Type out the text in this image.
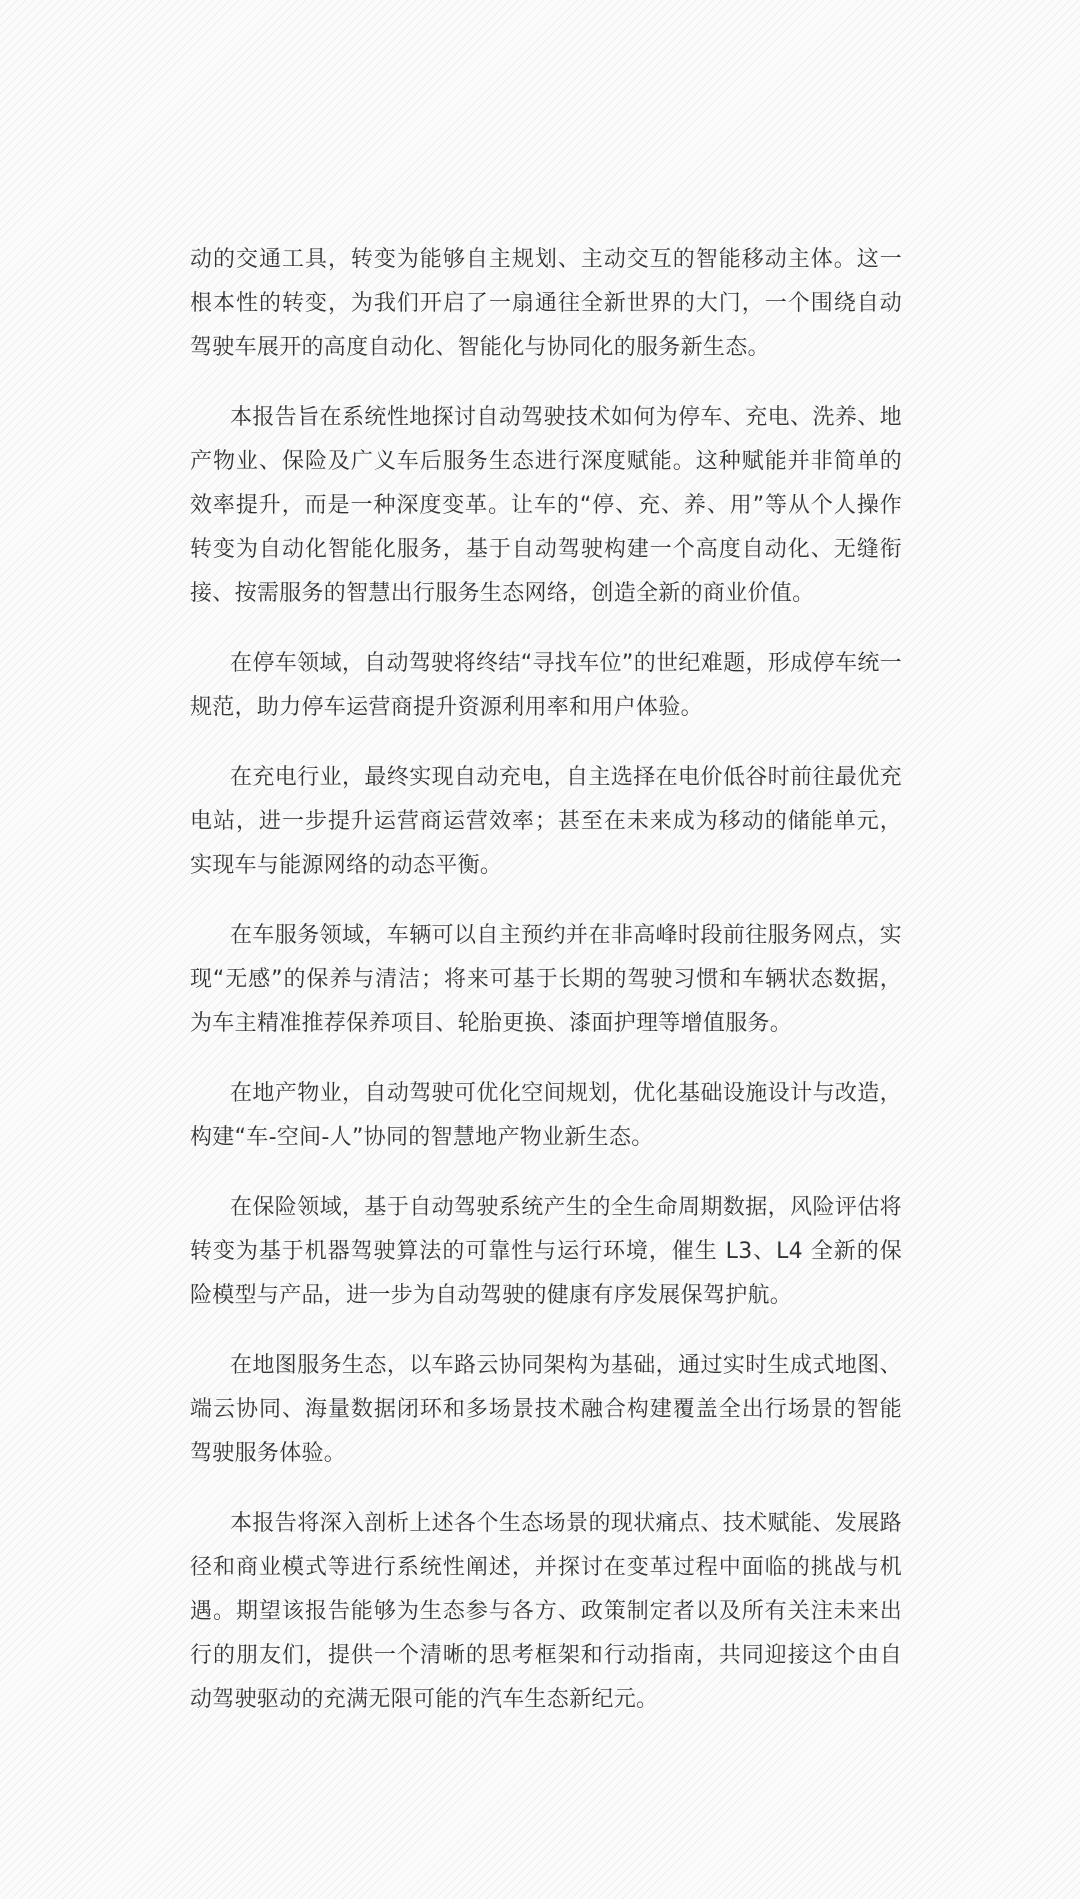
动的交通工具，转变为能够自主规划、主动交互的智能移动主体。这一根本性的转变，为我们开启了一扇通往全新世界的大门，一个围绕自动驾驶车展开的高度自动化、智能化与协同化的服务新生态。

本报告旨在系统性地探讨自动驾驶技术如何为停车、充电、洗养、地产物业、保险及广义车后服务生态进行深度赋能。这种赋能并非简单的效率提升，而是一种深度变革。让车的“停、充、养、用”等从个人操作转变为自动化智能化服务，基于自动驾驶构建一个高度自动化、无缝衔接、按需服务的智慧出行服务生态网络，创造全新的商业价值。

在停车领域，自动驾驶将终结“寻找车位”的世纪难题，形成停车统一规范，助力停车运营商提升资源利用率和用户体验。

在充电行业，最终实现自动充电，自主选择在电价低谷时前往最优充电站，进一步提升运营商运营效率；甚至在未来成为移动的储能单元，实现车与能源网络的动态平衡。

在车服务领域，车辆可以自主预约并在非高峰时段前往服务网点，实现“无感”的保养与清洁；将来可基于长期的驾驶习惯和车辆状态数据，为车主精准推荐保养项目、轮胎更换、漆面护理等增值服务。

在地产物业，自动驾驶可优化空间规划，优化基础设施设计与改造，构建“车-空间-人”协同的智慧地产物业新生态。

在保险领域，基于自动驾驶系统产生的全生命周期数据，风险评估将转变为基于机器驾驶算法的可靠性与运行环境，催生 L3、L4 全新的保险模型与产品，进一步为自动驾驶的健康有序发展保驾护航。

在地图服务生态，以车路云协同架构为基础，通过实时生成式地图、端云协同、海量数据闭环和多场景技术融合构建覆盖全出行场景的智能驾驶服务体验。

本报告将深入剖析上述各个生态场景的现状痛点、技术赋能、发展路径和商业模式等进行系统性阐述，并探讨在变革过程中面临的挑战与机遇。期望该报告能够为生态参与各方、政策制定者以及所有关注未来出行的朋友们，提供一个清晰的思考框架和行动指南，共同迎接这个由自动驾驶驱动的充满无限可能的汽车生态新纪元。
